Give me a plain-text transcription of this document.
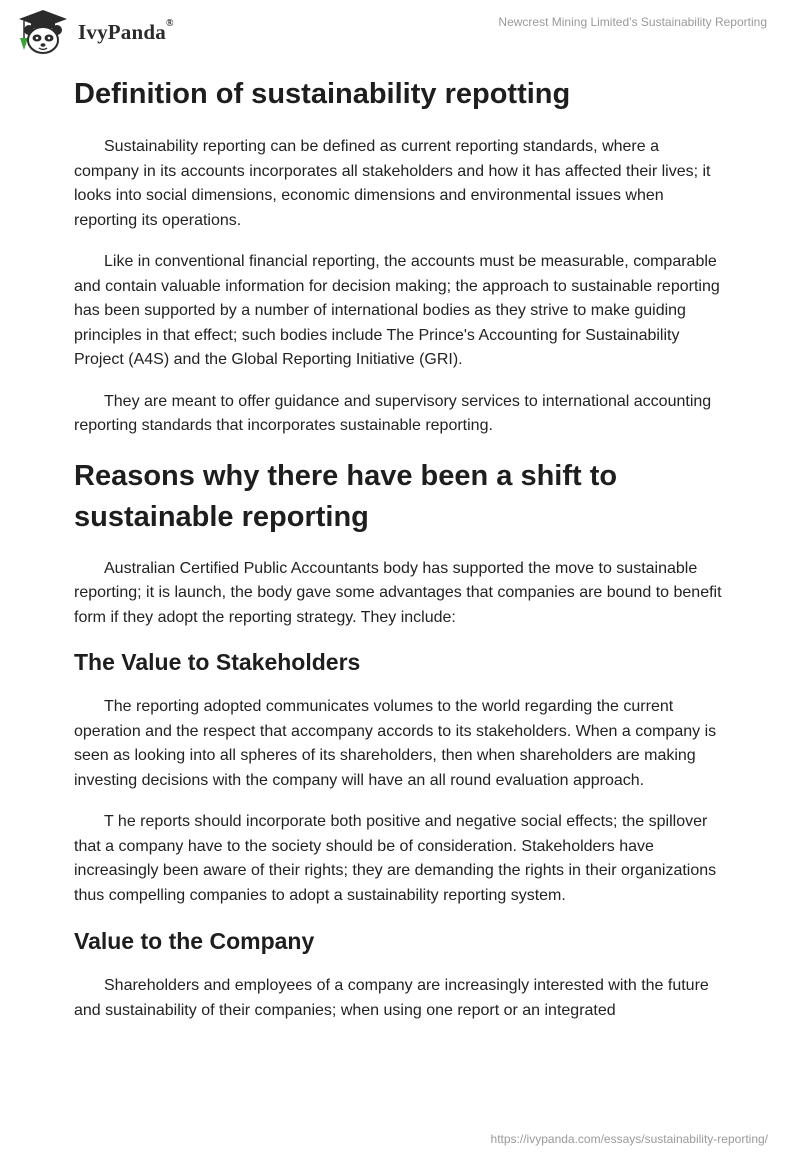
IvyPanda®	Newcrest Mining Limited’s Sustainability Reporting
Definition of sustainability repotting

Sustainability reporting can be defined as current reporting standards, where a company in its accounts incorporates all stakeholders and how it has affected their lives; it looks into social dimensions, economic dimensions and environmental issues when reporting its operations.

Like in conventional financial reporting, the accounts must be measurable, comparable and contain valuable information for decision making; the approach to sustainable reporting has been supported by a number of international bodies as they strive to make guiding principles in that effect; such bodies include The Prince's Accounting for Sustainability Project (A4S) and the Global Reporting Initiative (GRI).

They are meant to offer guidance and supervisory services to international accounting reporting standards that incorporates sustainable reporting.

Reasons why there have been a shift to sustainable reporting

Australian Certified Public Accountants body has supported the move to sustainable reporting; it is launch, the body gave some advantages that companies are bound to benefit form if they adopt the reporting strategy. They include:

The Value to Stakeholders

The reporting adopted communicates volumes to the world regarding the current operation and the respect that accompany accords to its stakeholders. When a company is seen as looking into all spheres of its shareholders, then when shareholders are making investing decisions with the company will have an all round evaluation approach.

T he reports should incorporate both positive and negative social effects; the spillover that a company have to the society should be of consideration. Stakeholders have increasingly been aware of their rights; they are demanding the rights in their organizations thus compelling companies to adopt a sustainability reporting system.

Value to the Company

Shareholders and employees of a company are increasingly interested with the future and sustainability of their companies; when using one report or an integrated

https://ivypanda.com/essays/sustainability-reporting/
